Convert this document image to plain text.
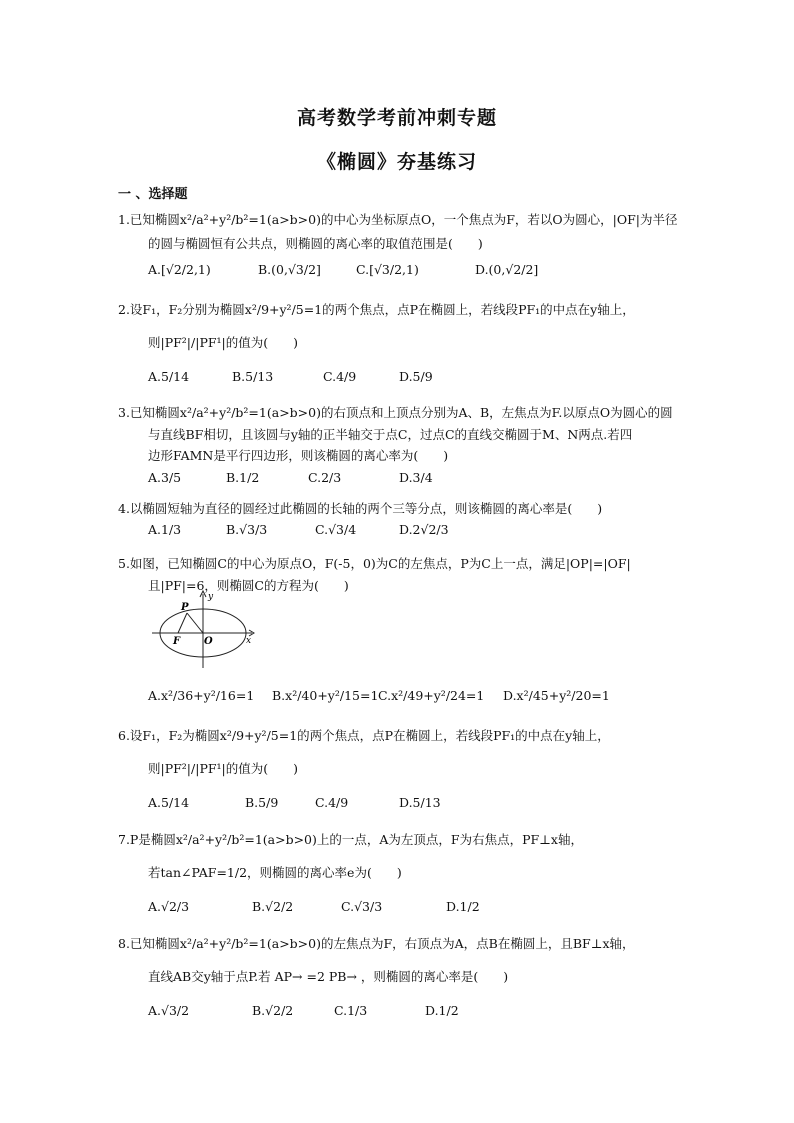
高考数学考前冲刺专题
《椭圆》夯基练习
一 、选择题
1.已知椭圆x²/a²+y²/b²=1(a>b>0)的中心为坐标原点O，一个焦点为F，若以O为圆心，|OF|为半径
的圆与椭圆恒有公共点，则椭圆的离心率的取值范围是(　　)
A.[√2/2,1)	B.(0,√3/2]	C.[√3/2,1)	D.(0,√2/2]
2.设F₁，F₂分别为椭圆x²/9+y²/5=1的两个焦点，点P在椭圆上，若线段PF₁的中点在y轴上，
则|PF²|/|PF¹|的值为(　　)
A.5/14	B.5/13	C.4/9	D.5/9
3.已知椭圆x²/a²+y²/b²=1(a>b>0)的右顶点和上顶点分别为A、B，左焦点为F.以原点O为圆心的圆
与直线BF相切，且该圆与y轴的正半轴交于点C，过点C的直线交椭圆于M、N两点.若四
边形FAMN是平行四边形，则该椭圆的离心率为(　　)
A.3/5	B.1/2	C.2/3	D.3/4
4.以椭圆短轴为直径的圆经过此椭圆的长轴的两个三等分点，则该椭圆的离心率是(　　)
A.1/3	B.√3/3	C.√3/4	D.2√2/3
5.如图，已知椭圆C的中心为原点O，F(-5，0)为C的左焦点，P为C上一点，满足|OP|=|OF|
且|PF|=6，则椭圆C的方程为(　　)
y
x
P
F O
A.x²/36+y²/16=1 B.x²/40+y²/15=1 C.x²/49+y²/24=1 D.x²/45+y²/20=1
6.设F₁，F₂为椭圆x²/9+y²/5=1的两个焦点，点P在椭圆上，若线段PF₁的中点在y轴上，
则|PF²|/|PF¹|的值为(　　)
A.5/14	B.5/9	C.4/9	D.5/13
7.P是椭圆x²/a²+y²/b²=1(a>b>0)上的一点，A为左顶点，F为右焦点，PF⊥x轴，
若tan∠PAF=1/2，则椭圆的离心率e为(　　)
A.√2/3	B.√2/2	C.√3/3	D.1/2
8.已知椭圆x²/a²+y²/b²=1(a>b>0)的左焦点为F，右顶点为A，点B在椭圆上，且BF⊥x轴，
直线AB交y轴于点P.若 AP→ =2 PB→ ，则椭圆的离心率是(　　)
A.√3/2	B.√2/2	C.1/3	D.1/2
